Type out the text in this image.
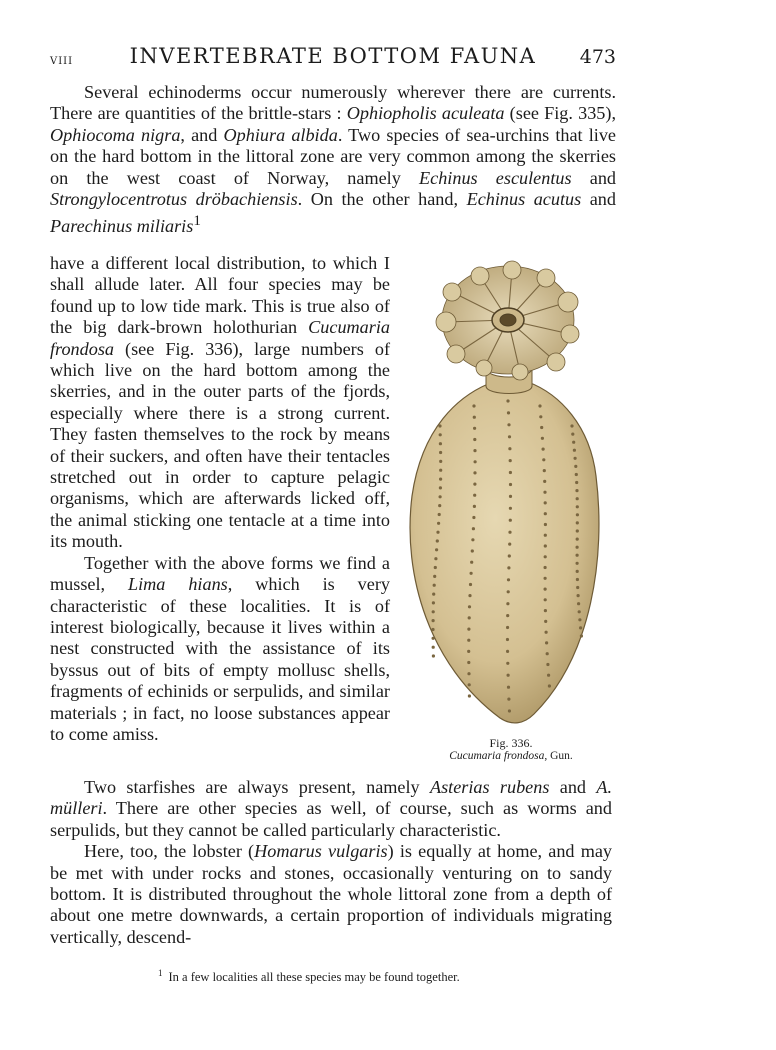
VIII	INVERTEBRATE BOTTOM FAUNA	473

Several echinoderms occur numerously wherever there are currents. There are quantities of the brittle-stars : Ophiopholis aculeata (see Fig. 335), Ophiocoma nigra, and Ophiura albida. Two species of sea-urchins that live on the hard bottom in the littoral zone are very common among the skerries on the west coast of Norway, namely Echinus esculentus and Strongylocentrotus dröbachiensis. On the other hand, Echinus acutus and Parechinus miliaris$^1$

have a different local distribution, to which I shall allude later. All four species may be found up to low tide mark. This is true also of the big dark-brown holothurian Cucumaria frondosa (see Fig. 336), large numbers of which live on the hard bottom among the skerries, and in the outer parts of the fjords, especially where there is a strong current. They fasten themselves to the rock by means of their suckers, and often have their tentacles stretched out in order to capture pelagic organisms, which are afterwards licked off, the animal sticking one tentacle at a time into its mouth.

Together with the above forms we find a mussel, Lima hians, which is very characteristic of these localities. It is of interest biologically, because it lives within a nest constructed with the assistance of its byssus out of bits of empty mollusc shells, fragments of echinids or serpulids, and similar materials ; in fact, no loose substances appear to come amiss.	Fig. 336.
Cucumaria frondosa, Gun.

Two starfishes are always present, namely Asterias rubens and A. mülleri. There are other species as well, of course, such as worms and serpulids, but they cannot be called particularly characteristic.

Here, too, the lobster (Homarus vulgaris) is equally at home, and may be met with under rocks and stones, occasionally venturing on to sandy bottom. It is distributed throughout the whole littoral zone from a depth of about one metre downwards, a certain proportion of individuals migrating vertically, descend-

$^1$ In a few localities all these species may be found together.
